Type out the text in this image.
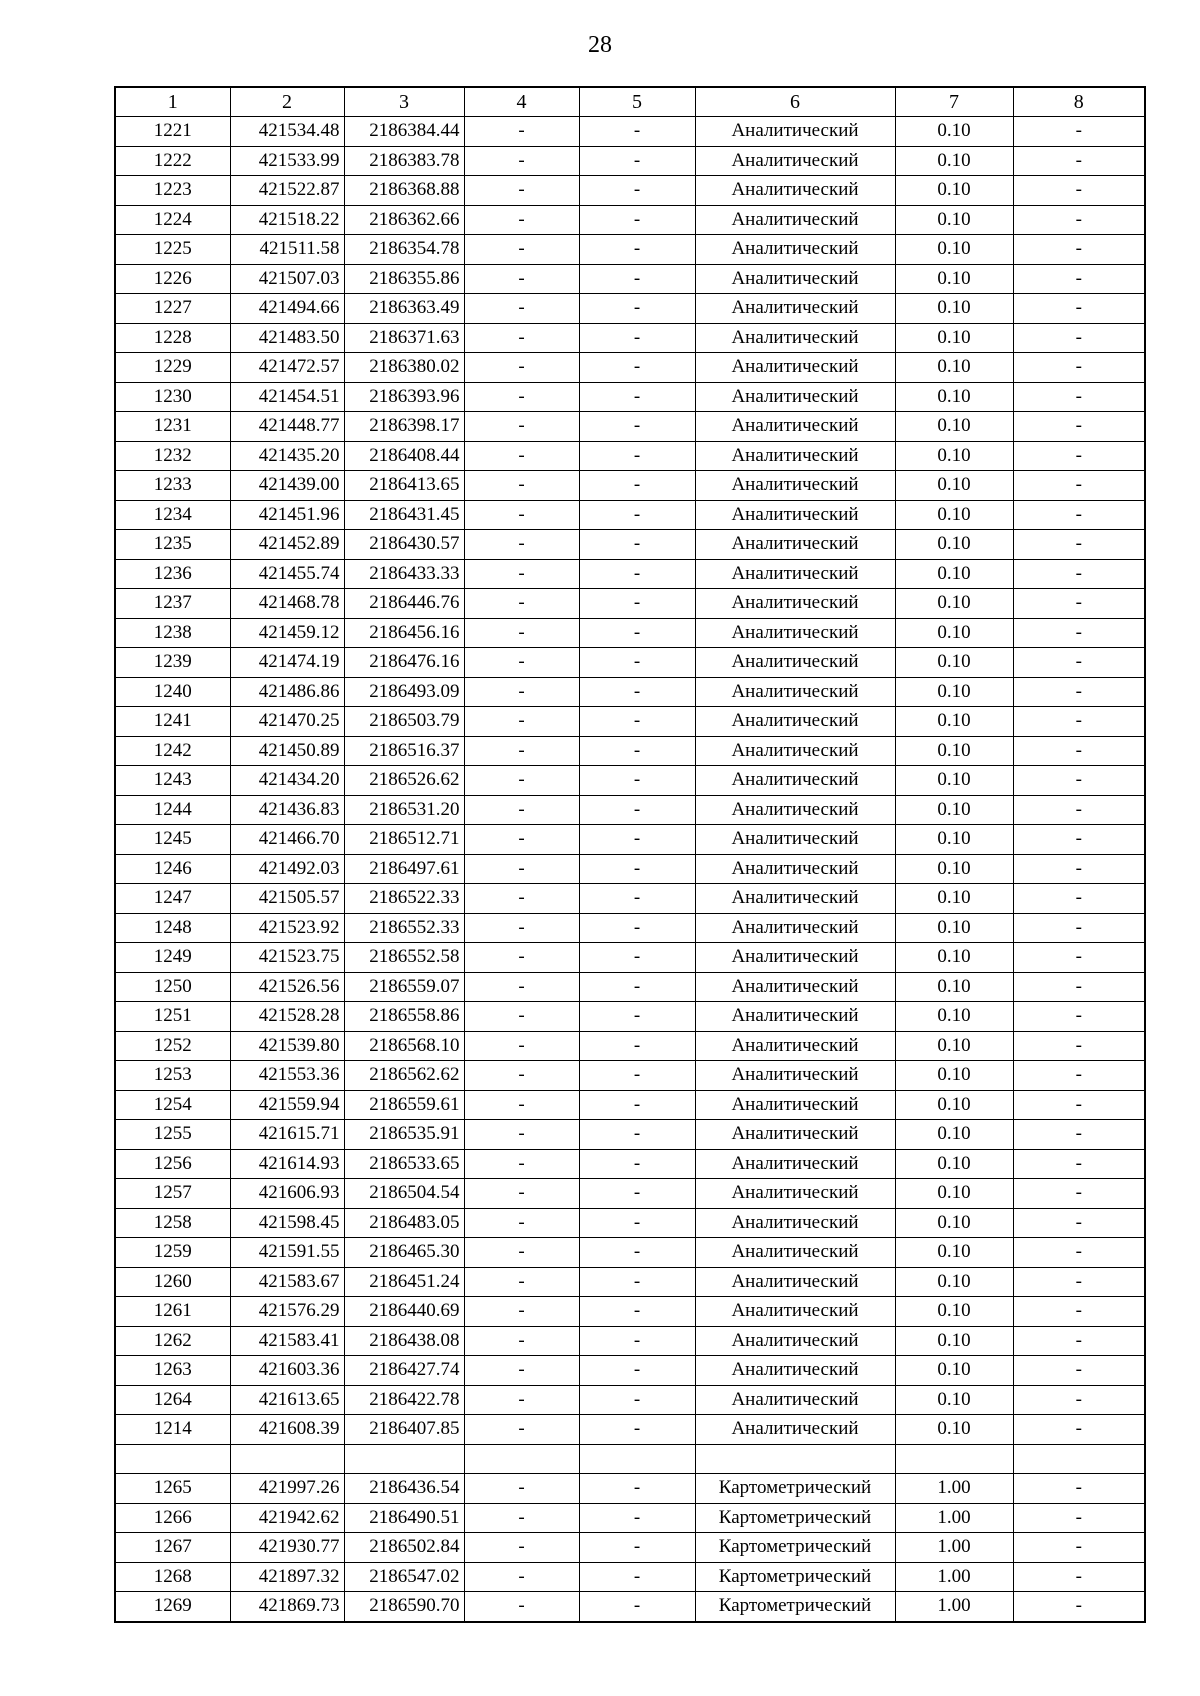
28
1	2	3	4	5	6	7	8
1221	421534.48	2186384.44	-	-	Аналитический	0.10	-
1222	421533.99	2186383.78	-	-	Аналитический	0.10	-
1223	421522.87	2186368.88	-	-	Аналитический	0.10	-
1224	421518.22	2186362.66	-	-	Аналитический	0.10	-
1225	421511.58	2186354.78	-	-	Аналитический	0.10	-
1226	421507.03	2186355.86	-	-	Аналитический	0.10	-
1227	421494.66	2186363.49	-	-	Аналитический	0.10	-
1228	421483.50	2186371.63	-	-	Аналитический	0.10	-
1229	421472.57	2186380.02	-	-	Аналитический	0.10	-
1230	421454.51	2186393.96	-	-	Аналитический	0.10	-
1231	421448.77	2186398.17	-	-	Аналитический	0.10	-
1232	421435.20	2186408.44	-	-	Аналитический	0.10	-
1233	421439.00	2186413.65	-	-	Аналитический	0.10	-
1234	421451.96	2186431.45	-	-	Аналитический	0.10	-
1235	421452.89	2186430.57	-	-	Аналитический	0.10	-
1236	421455.74	2186433.33	-	-	Аналитический	0.10	-
1237	421468.78	2186446.76	-	-	Аналитический	0.10	-
1238	421459.12	2186456.16	-	-	Аналитический	0.10	-
1239	421474.19	2186476.16	-	-	Аналитический	0.10	-
1240	421486.86	2186493.09	-	-	Аналитический	0.10	-
1241	421470.25	2186503.79	-	-	Аналитический	0.10	-
1242	421450.89	2186516.37	-	-	Аналитический	0.10	-
1243	421434.20	2186526.62	-	-	Аналитический	0.10	-
1244	421436.83	2186531.20	-	-	Аналитический	0.10	-
1245	421466.70	2186512.71	-	-	Аналитический	0.10	-
1246	421492.03	2186497.61	-	-	Аналитический	0.10	-
1247	421505.57	2186522.33	-	-	Аналитический	0.10	-
1248	421523.92	2186552.33	-	-	Аналитический	0.10	-
1249	421523.75	2186552.58	-	-	Аналитический	0.10	-
1250	421526.56	2186559.07	-	-	Аналитический	0.10	-
1251	421528.28	2186558.86	-	-	Аналитический	0.10	-
1252	421539.80	2186568.10	-	-	Аналитический	0.10	-
1253	421553.36	2186562.62	-	-	Аналитический	0.10	-
1254	421559.94	2186559.61	-	-	Аналитический	0.10	-
1255	421615.71	2186535.91	-	-	Аналитический	0.10	-
1256	421614.93	2186533.65	-	-	Аналитический	0.10	-
1257	421606.93	2186504.54	-	-	Аналитический	0.10	-
1258	421598.45	2186483.05	-	-	Аналитический	0.10	-
1259	421591.55	2186465.30	-	-	Аналитический	0.10	-
1260	421583.67	2186451.24	-	-	Аналитический	0.10	-
1261	421576.29	2186440.69	-	-	Аналитический	0.10	-
1262	421583.41	2186438.08	-	-	Аналитический	0.10	-
1263	421603.36	2186427.74	-	-	Аналитический	0.10	-
1264	421613.65	2186422.78	-	-	Аналитический	0.10	-
1214	421608.39	2186407.85	-	-	Аналитический	0.10	-

1265	421997.26	2186436.54	-	-	Картометрический	1.00	-
1266	421942.62	2186490.51	-	-	Картометрический	1.00	-
1267	421930.77	2186502.84	-	-	Картометрический	1.00	-
1268	421897.32	2186547.02	-	-	Картометрический	1.00	-
1269	421869.73	2186590.70	-	-	Картометрический	1.00	-
